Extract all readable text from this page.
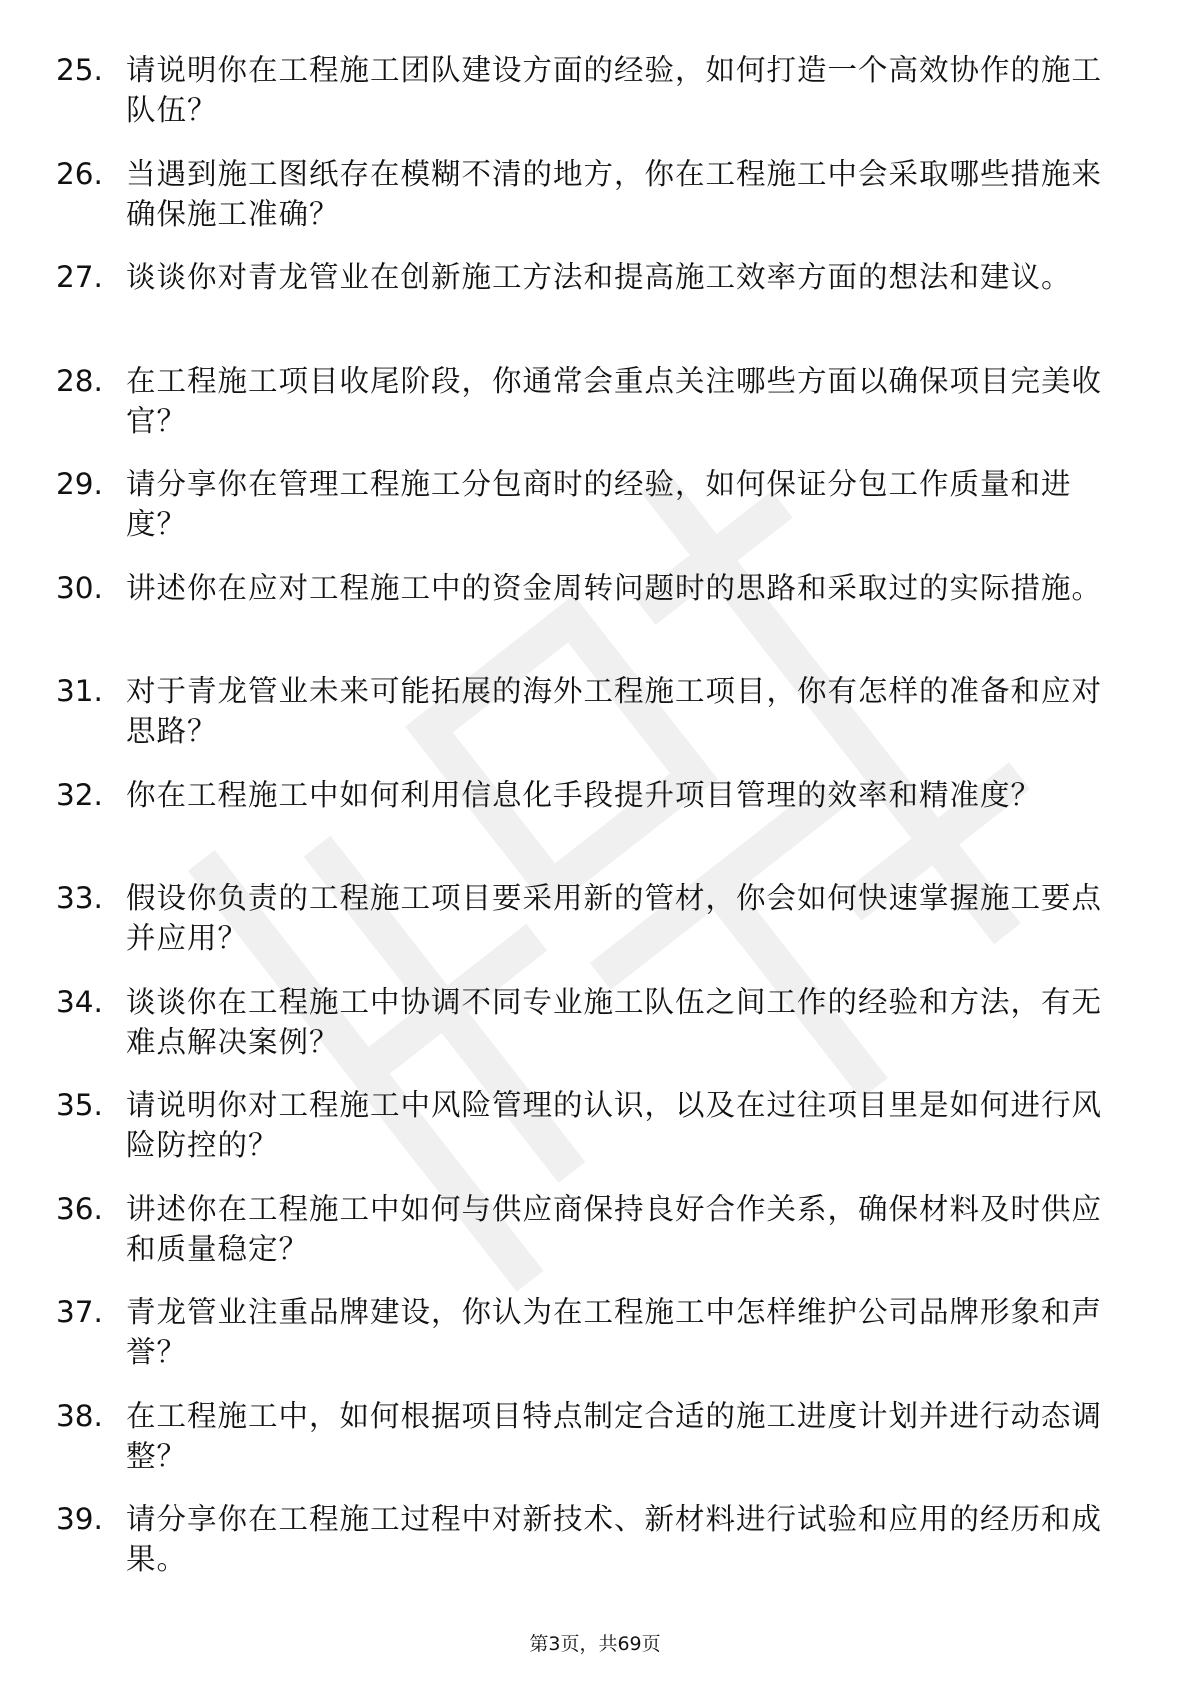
25. 请说明你在工程施工团队建设方面的经验，如何打造一个高效协作的施工队伍？
26. 当遇到施工图纸存在模糊不清的地方，你在工程施工中会采取哪些措施来确保施工准确？
27. 谈谈你对青龙管业在创新施工方法和提高施工效率方面的想法和建议。
28. 在工程施工项目收尾阶段，你通常会重点关注哪些方面以确保项目完美收官？
29. 请分享你在管理工程施工分包商时的经验，如何保证分包工作质量和进度？
30. 讲述你在应对工程施工中的资金周转问题时的思路和采取过的实际措施。
31. 对于青龙管业未来可能拓展的海外工程施工项目，你有怎样的准备和应对思路？
32. 你在工程施工中如何利用信息化手段提升项目管理的效率和精准度？
33. 假设你负责的工程施工项目要采用新的管材，你会如何快速掌握施工要点并应用？
34. 谈谈你在工程施工中协调不同专业施工队伍之间工作的经验和方法，有无难点解决案例？
35. 请说明你对工程施工中风险管理的认识，以及在过往项目里是如何进行风险防控的？
36. 讲述你在工程施工中如何与供应商保持良好合作关系，确保材料及时供应和质量稳定？
37. 青龙管业注重品牌建设，你认为在工程施工中怎样维护公司品牌形象和声誉？
38. 在工程施工中，如何根据项目特点制定合适的施工进度计划并进行动态调整？
39. 请分享你在工程施工过程中对新技术、新材料进行试验和应用的经历和成果。
第3页，共69页
